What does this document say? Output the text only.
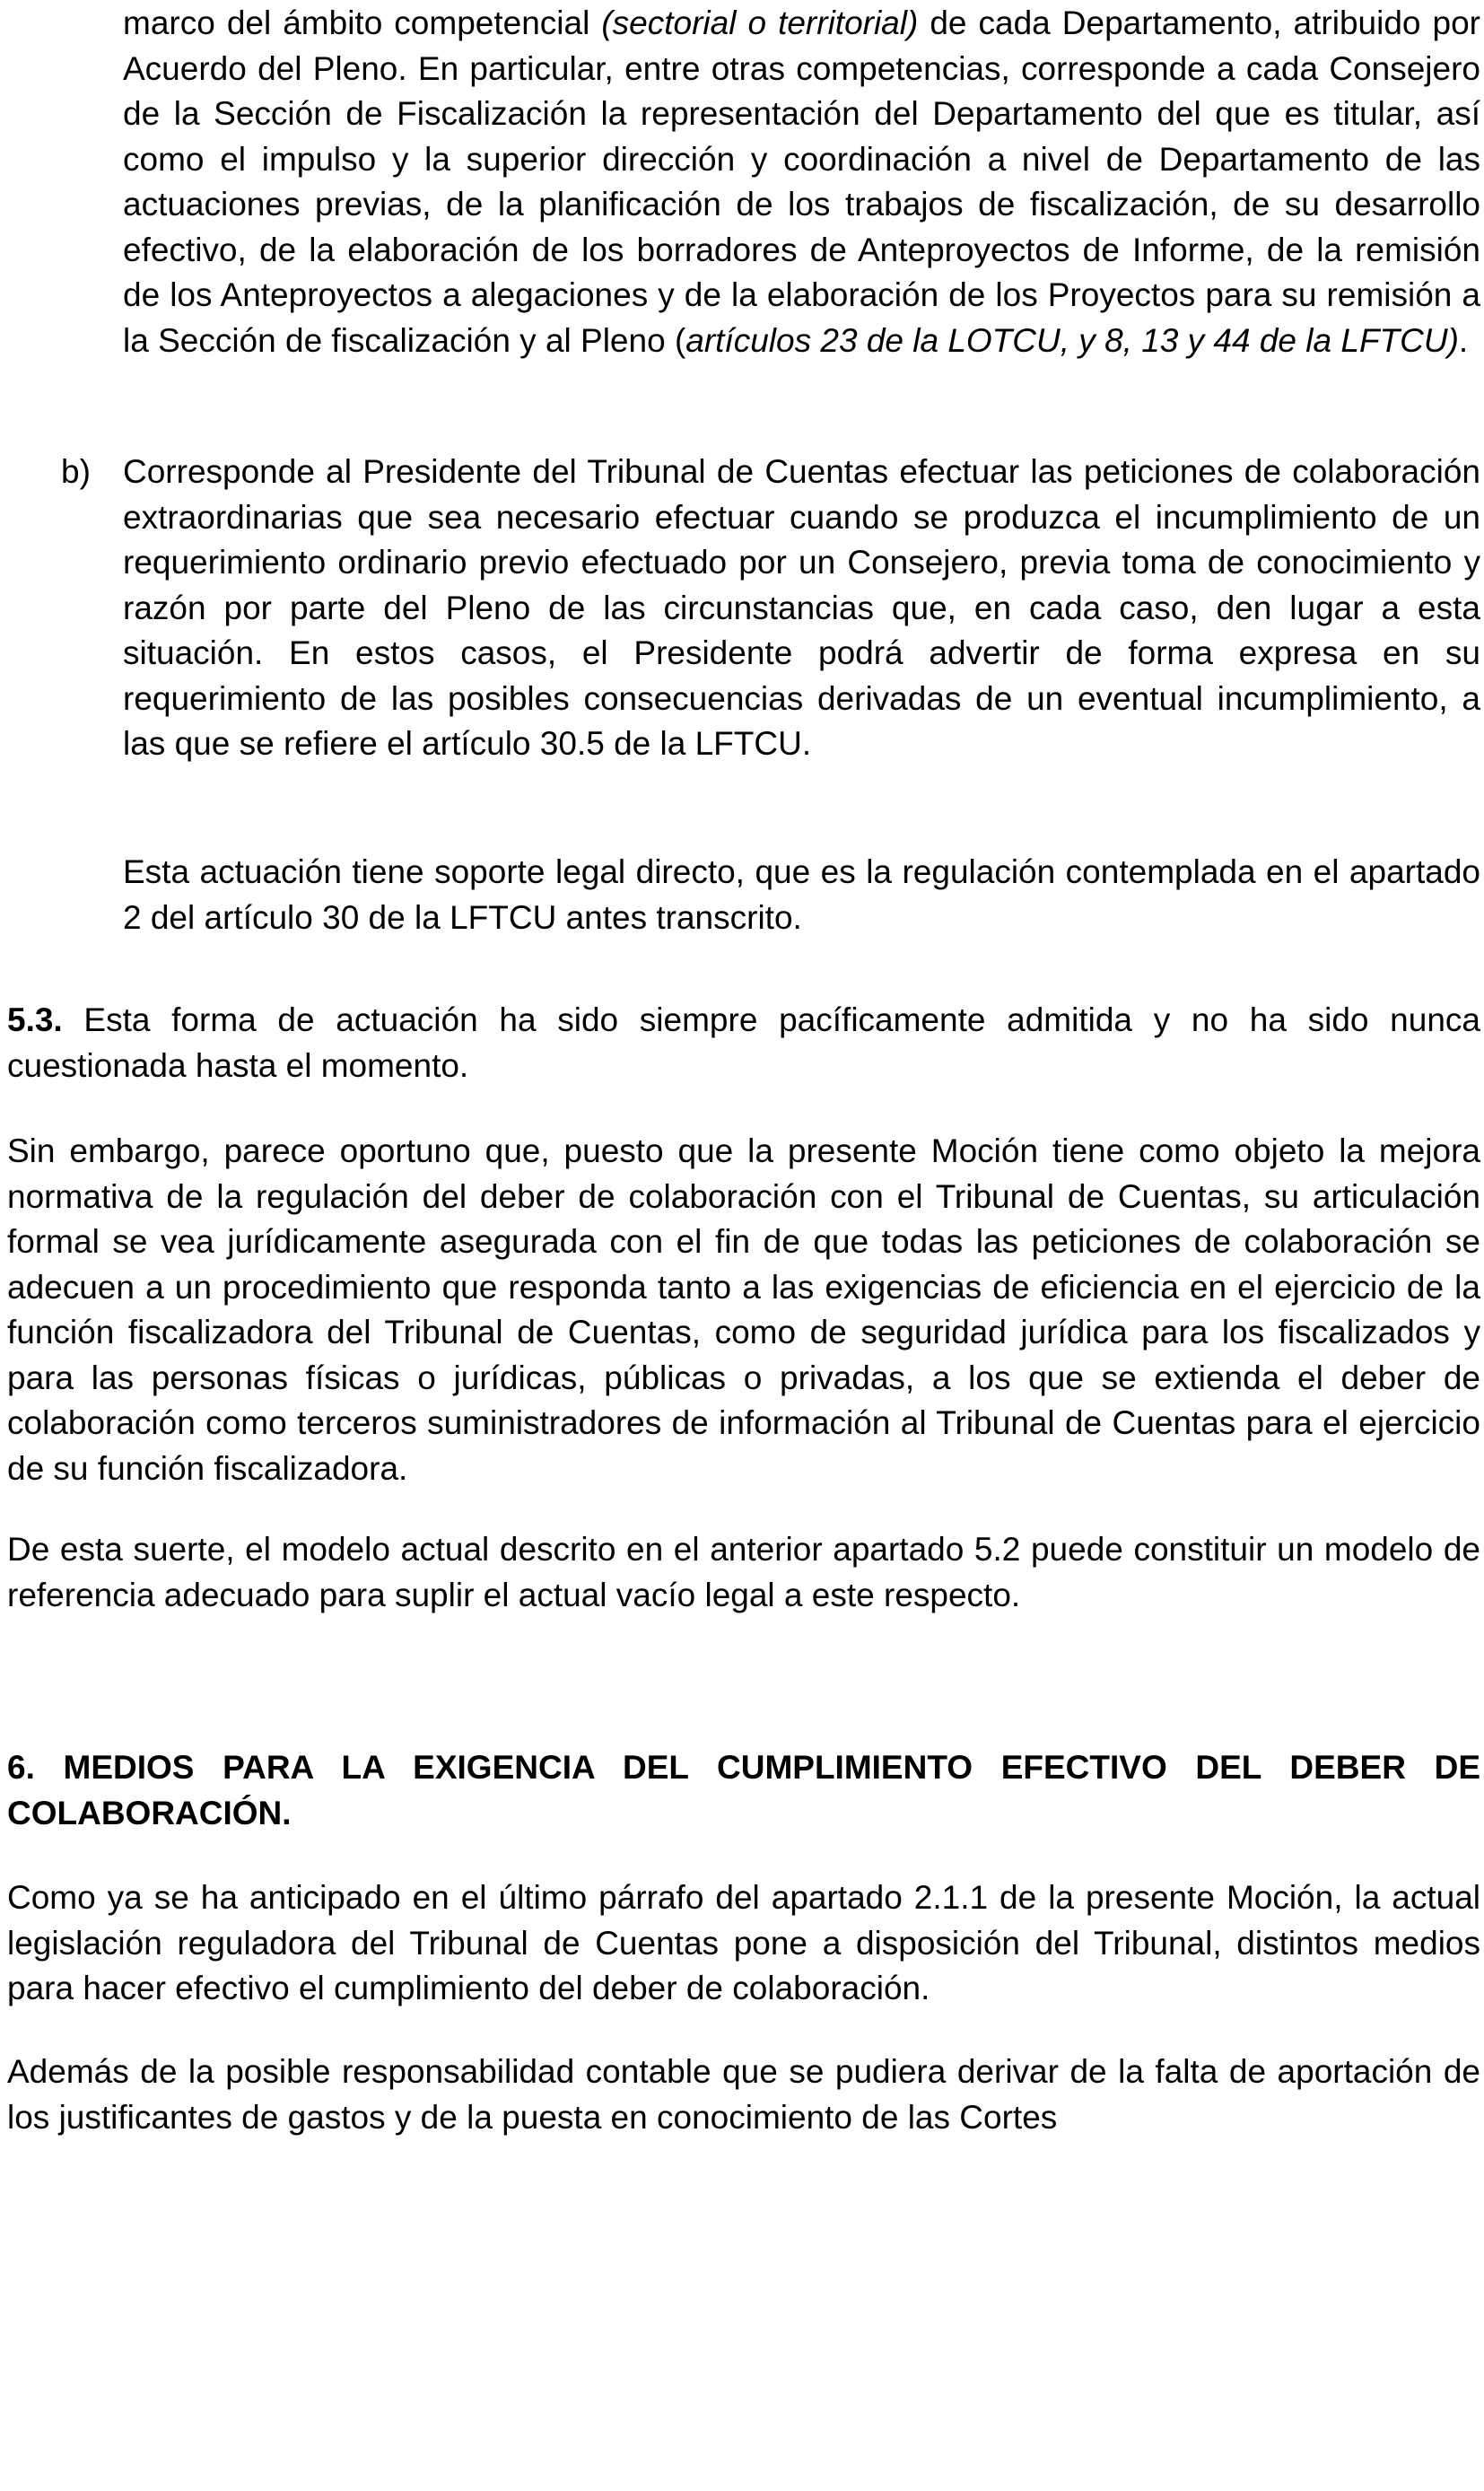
marco del ámbito competencial (sectorial o territorial) de cada Departamento, atribuido por Acuerdo del Pleno. En particular, entre otras competencias, corresponde a cada Consejero de la Sección de Fiscalización la representación del Departamento del que es titular, así como el impulso y la superior dirección y coordinación a nivel de Departamento de las actuaciones previas, de la planificación de los trabajos de fiscalización, de su desarrollo efectivo, de la elaboración de los borradores de Anteproyectos de Informe, de la remisión de los Anteproyectos a alegaciones y de la elaboración de los Proyectos para su remisión a la Sección de fiscalización y al Pleno (artículos 23 de la LOTCU, y 8, 13 y 44 de la LFTCU).

b) Corresponde al Presidente del Tribunal de Cuentas efectuar las peticiones de colaboración extraordinarias que sea necesario efectuar cuando se produzca el incumplimiento de un requerimiento ordinario previo efectuado por un Consejero, previa toma de conocimiento y razón por parte del Pleno de las circunstancias que, en cada caso, den lugar a esta situación. En estos casos, el Presidente podrá advertir de forma expresa en su requerimiento de las posibles consecuencias derivadas de un eventual incumplimiento, a las que se refiere el artículo 30.5 de la LFTCU.

Esta actuación tiene soporte legal directo, que es la regulación contemplada en el apartado 2 del artículo 30 de la LFTCU antes transcrito.

5.3. Esta forma de actuación ha sido siempre pacíficamente admitida y no ha sido nunca cuestionada hasta el momento.

Sin embargo, parece oportuno que, puesto que la presente Moción tiene como objeto la mejora normativa de la regulación del deber de colaboración con el Tribunal de Cuentas, su articulación formal se vea jurídicamente asegurada con el fin de que todas las peticiones de colaboración se adecuen a un procedimiento que responda tanto a las exigencias de eficiencia en el ejercicio de la función fiscalizadora del Tribunal de Cuentas, como de seguridad jurídica para los fiscalizados y para las personas físicas o jurídicas, públicas o privadas, a los que se extienda el deber de colaboración como terceros suministradores de información al Tribunal de Cuentas para el ejercicio de su función fiscalizadora.

De esta suerte, el modelo actual descrito en el anterior apartado 5.2 puede constituir un modelo de referencia adecuado para suplir el actual vacío legal a este respecto.

6. MEDIOS PARA LA EXIGENCIA DEL CUMPLIMIENTO EFECTIVO DEL DEBER DE COLABORACIÓN.

Como ya se ha anticipado en el último párrafo del apartado 2.1.1 de la presente Moción, la actual legislación reguladora del Tribunal de Cuentas pone a disposición del Tribunal, distintos medios para hacer efectivo el cumplimiento del deber de colaboración.

Además de la posible responsabilidad contable que se pudiera derivar de la falta de aportación de los justificantes de gastos y de la puesta en conocimiento de las Cortes
